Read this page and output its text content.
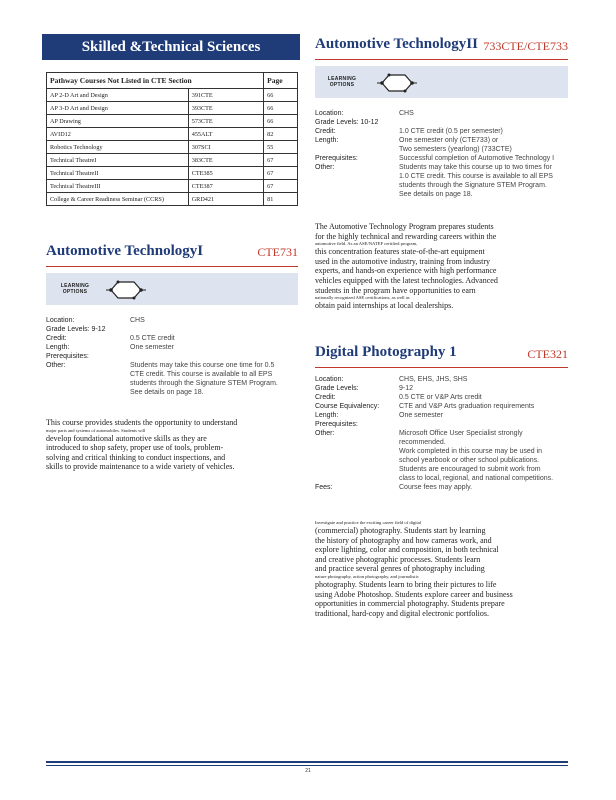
Skilled &Technical Sciences
Pathway Courses Not Listed in CTE Section		Page
AP 2-D Art and Design	391CTE	66
AP 3-D Art and Design	393CTE	66
AP Drawing	573CTE	66
AVID12	455ALT	82
Robotics Technology	307SCI	55
Technical TheatreI	383CTE	67
Technical TheatreII	CTE385	67
Technical TheatreIII	CTE387	67
College & Career Readiness Seminar (CCRS)	GRD421	81
Automotive TechnologyI	CTE731
LEARNING
OPTIONS
Location:	CHS
Grade Levels: 9-12
Credit:	0.5 CTE credit
Length:	One semester
Prerequisites:
Other:	Students may take this course one time for 0.5
CTE credit. This course is available to all EPS
students through the Signature STEM Program.
See details on page 18.
This course provides students the opportunity to understand
major parts and systems of automobiles. Students will
develop foundational automotive skills as they are
introduced to shop safety, proper use of tools, problem-
solving and critical thinking to conduct inspections, and
skills to provide maintenance to a wide variety of vehicles.
Automotive TechnologyII 733CTE/CTE733
LEARNING
OPTIONS
Location:	CHS
Grade Levels: 10-12
Credit:	1.0 CTE credit (0.5 per semester)
Length:	One semester only (CTE733) or
Two semesters (yearlong) (733CTE)
Prerequisites:	Successful completion of Automotive Technology I
Other:	Students may take this course up to two times for
1.0 CTE credit. This course is available to all EPS
students through the Signature STEM Program.
See details on page 18.
The Automotive Technology Program prepares students
for the highly technical and rewarding careers within the
automotive field. As an ASE/NATEF certified program,
this concentration features state-of-the-art equipment
used in the automotive industry, training from industry
experts, and hands-on experience with high performance
vehicles equipped with the latest technologies. Advanced
students in the program have opportunities to earn
nationally recognized ASE certifications, as well as
obtain paid internships at local dealerships.
Digital Photography 1	CTE321
Location:	CHS, EHS, JHS, SHS
Grade Levels:	9-12
Credit:	0.5 CTE or V&P Arts credit
Course Equivalency:	CTE and V&P Arts graduation requirements
Length:	One semester
Prerequisites:
Other:	Microsoft Office User Specialist strongly
recommended.
Work completed in this course may be used in
school yearbook or other school publications.
Students are encouraged to submit work from
class to local, regional, and national competitions.
Fees:	Course fees may apply.
Investigate and practice the exciting career field of digital
(commercial) photography. Students start by learning
the history of photography and how cameras work, and
explore lighting, color and composition, in both technical
and creative photographic processes. Students learn
and practice several genres of photography including
nature photography, action photography, and journalistic
photography. Students learn to bring their pictures to life
using Adobe Photoshop. Students explore career and business
opportunities in commercial photography. Students prepare
traditional, hard-copy and digital electronic portfolios.
21
